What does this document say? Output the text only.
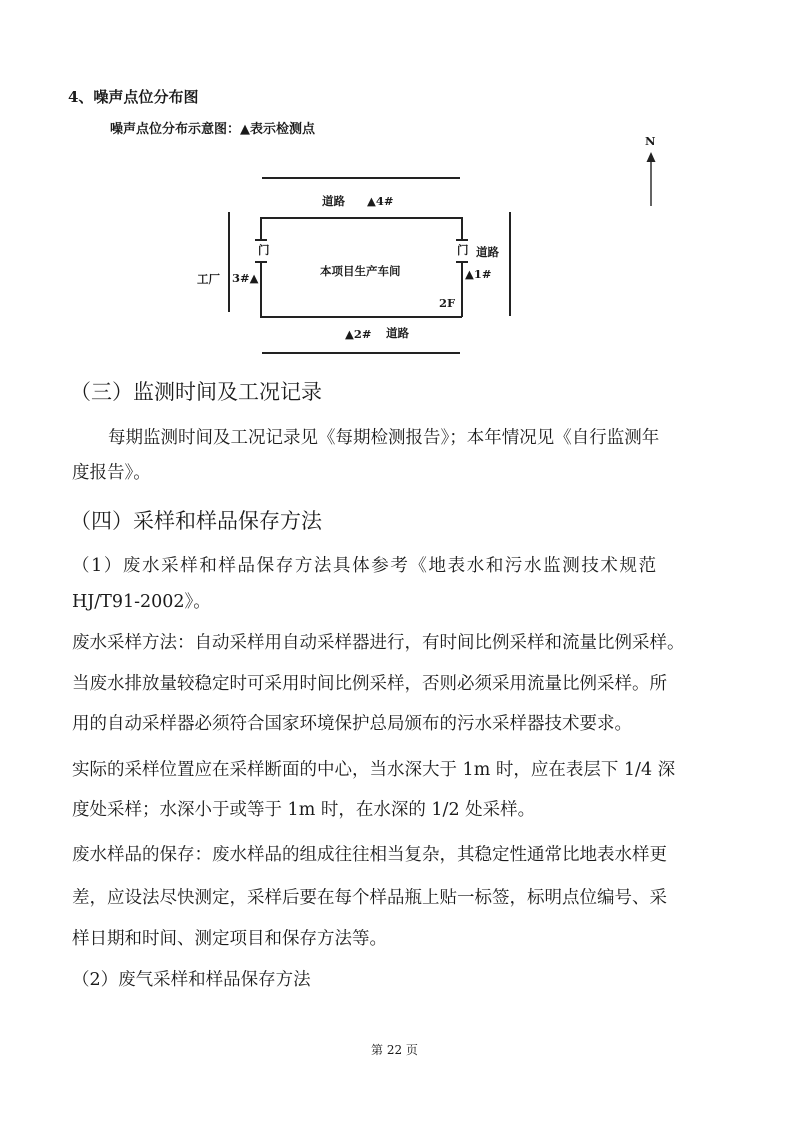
4、噪声点位分布图
噪声点位分布示意图：▲表示检测点
N
道路 ▲4#
门	门 道路
工厂 3#▲	本项目生产车间	▲1#
2F
▲2# 道路
（三）监测时间及工况记录
每期监测时间及工况记录见《每期检测报告》；本年情况见《自行监测年
度报告》。
（四）采样和样品保存方法
（1）废水采样和样品保存方法具体参考《地表水和污水监测技术规范
HJ/T91-2002》。
废水采样方法：自动采样用自动采样器进行，有时间比例采样和流量比例采样。
当废水排放量较稳定时可采用时间比例采样，否则必须采用流量比例采样。所
用的自动采样器必须符合国家环境保护总局颁布的污水采样器技术要求。
实际的采样位置应在采样断面的中心，当水深大于 1m 时，应在表层下 1/4 深
度处采样；水深小于或等于 1m 时，在水深的 1/2 处采样。
废水样品的保存：废水样品的组成往往相当复杂，其稳定性通常比地表水样更
差，应设法尽快测定，采样后要在每个样品瓶上贴一标签，标明点位编号、采
样日期和时间、测定项目和保存方法等。
（2）废气采样和样品保存方法
第 22 页
